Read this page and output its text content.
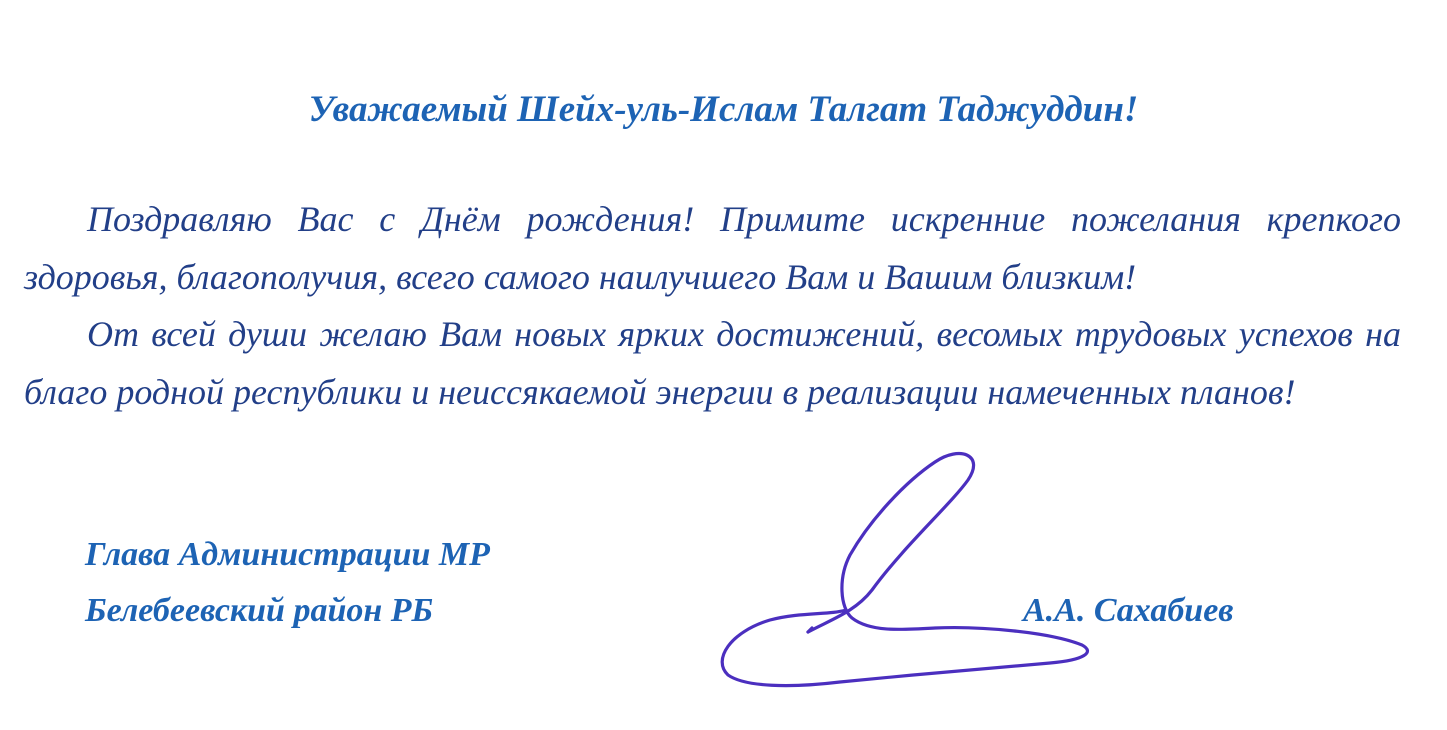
Уважаемый Шейх-уль-Ислам Талгат Таджуддин!

Поздравляю Вас с Днём рождения! Примите искренние пожелания крепкого здоровья, благополучия, всего самого наилучшего Вам и Вашим близким!

От всей души желаю Вам новых ярких достижений, весомых трудовых успехов на благо родной республики и неиссякаемой энергии в реализации намеченных планов!

Глава Администрации МР
Белебеевский район РБ	А.А. Сахабиев
